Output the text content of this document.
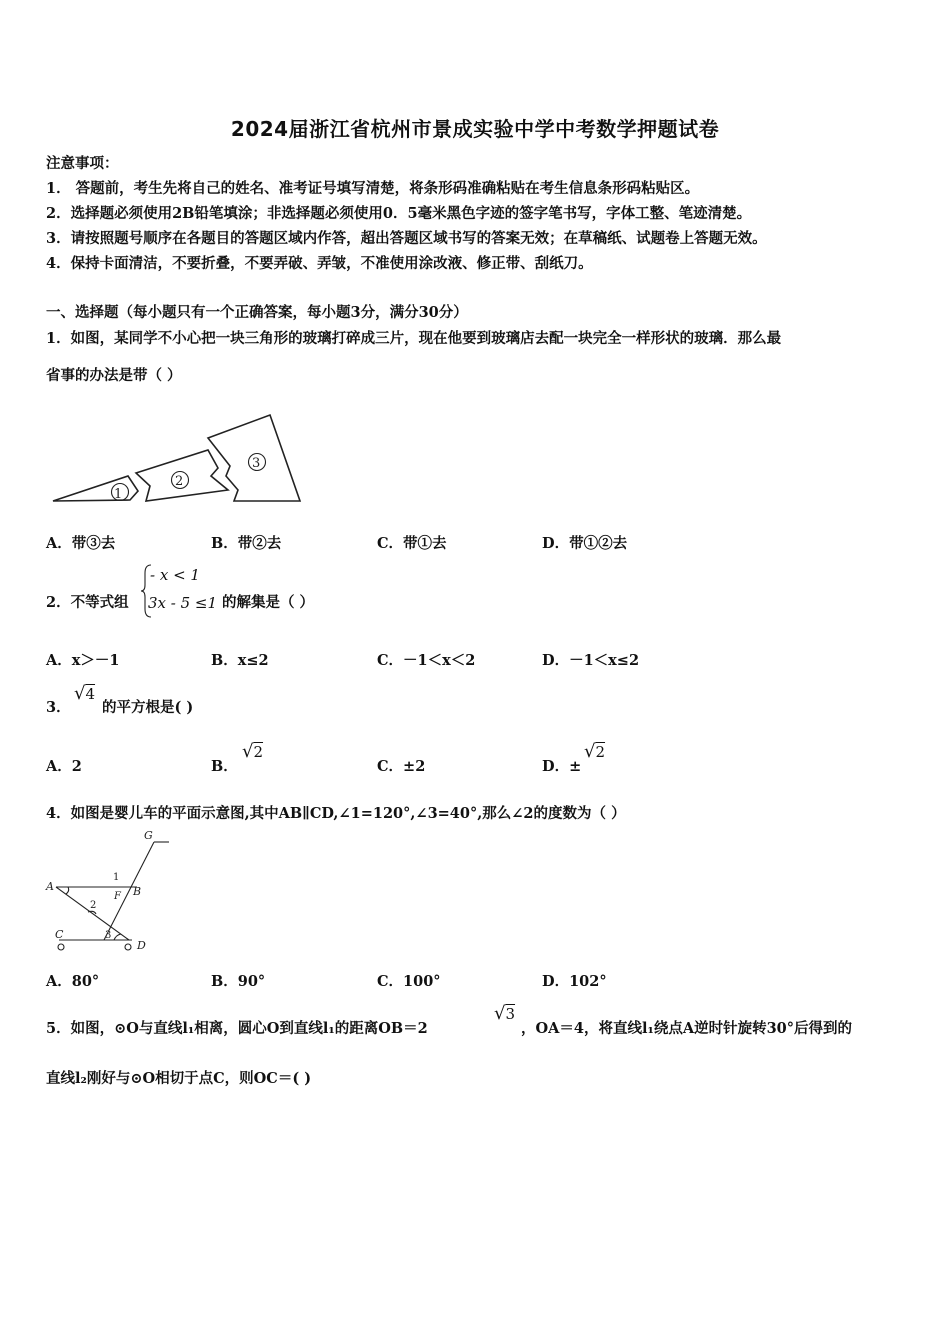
2024届浙江省杭州市景成实验中学中考数学押题试卷
注意事项：
1． 答题前，考生先将自己的姓名、准考证号填写清楚，将条形码准确粘贴在考生信息条形码粘贴区。
2．选择题必须使用2B铅笔填涂；非选择题必须使用0．5毫米黑色字迹的签字笔书写，字体工整、笔迹清楚。
3．请按照题号顺序在各题目的答题区域内作答，超出答题区域书写的答案无效；在草稿纸、试题卷上答题无效。
4．保持卡面清洁，不要折叠，不要弄破、弄皱，不准使用涂改液、修正带、刮纸刀。
一、选择题（每小题只有一个正确答案，每小题3分，满分30分）
1．如图，某同学不小心把一块三角形的玻璃打碎成三片，现在他要到玻璃店去配一块完全一样形状的玻璃．那么最
省事的办法是带（ ）
1
2
3
A．带③去	B．带②去	C．带①去	D．带①②去
2．不等式组
- x < 1
3x - 5 ≤1 的解集是（ ）
A．x＞－1	B．x≤2	C．－1＜x＜2	D．－1＜x≤2
3．
√4
的平方根是( )
A．2	B．
√2
C．±2	D．±
√2
4．如图是婴儿车的平面示意图,其中AB∥CD,∠1=120°,∠3=40°,那么∠2的度数为（ ）
G
A
1
F B
2
C	3
D
A．80°	B．90°	C．100°	D．102°
5．如图，⊙O与直线l₁相离，圆心O到直线l₁的距离OB＝2
√3
，OA＝4，将直线l₁绕点A逆时针旋转30°后得到的
直线l₂刚好与⊙O相切于点C，则OC＝( )
